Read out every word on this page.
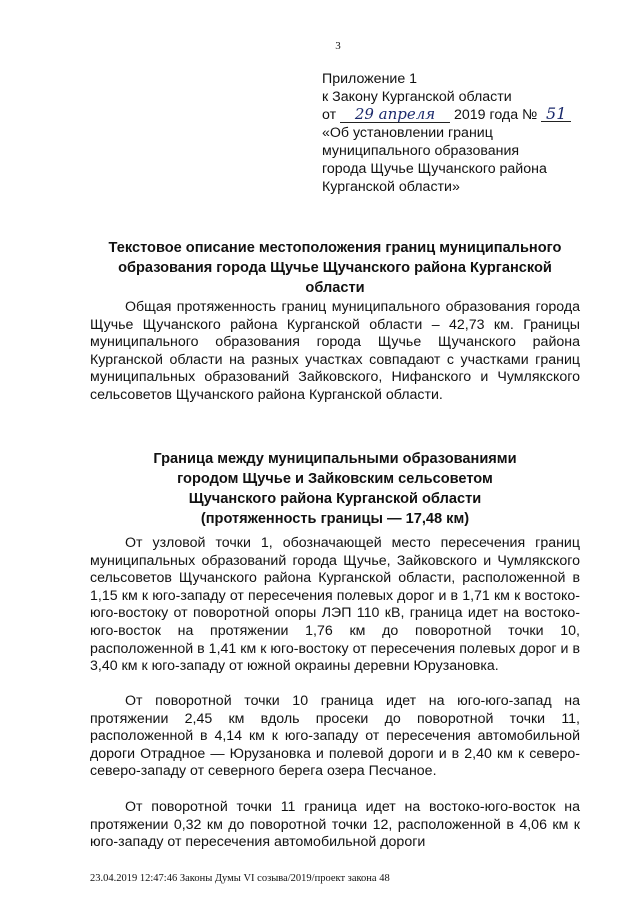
3
Приложение 1
к Закону Курганской области
от 29 апреля 2019 года № 51
«Об установлении границ
муниципального образования
города Щучье Щучанского района
Курганской области»
Текстовое описание местоположения границ муниципального образования города Щучье Щучанского района Курганской области
Общая протяженность границ муниципального образования города Щучье Щучанского района Курганской области – 42,73 км. Границы муниципального образования города Щучье Щучанского района Курганской области на разных участках совпадают с участками границ муниципальных образований Зайковского, Нифанского и Чумлякского сельсоветов Щучанского района Курганской области.
Граница между муниципальными образованиями
городом Щучье и Зайковским сельсоветом
Щучанского района Курганской области
(протяженность границы — 17,48 км)
От узловой точки 1, обозначающей место пересечения границ муниципальных образований города Щучье, Зайковского и Чумлякского сельсоветов Щучанского района Курганской области, расположенной в 1,15 км к юго-западу от пересечения полевых дорог и в 1,71 км к востоко-юго-востоку от поворотной опоры ЛЭП 110 кВ, граница идет на востоко-юго-восток на протяжении 1,76 км до поворотной точки 10, расположенной в 1,41 км к юго-востоку от пересечения полевых дорог и в 3,40 км к юго-западу от южной окраины деревни Юрузановка.
От поворотной точки 10 граница идет на юго-юго-запад на протяжении 2,45 км вдоль просеки до поворотной точки 11, расположенной в 4,14 км к юго-западу от пересечения автомобильной дороги Отрадное — Юрузановка и полевой дороги и в 2,40 км к северо-северо-западу от северного берега озера Песчаное.
От поворотной точки 11 граница идет на востоко-юго-восток на протяжении 0,32 км до поворотной точки 12, расположенной в 4,06 км к юго-западу от пересечения автомобильной дороги
23.04.2019 12:47:46 Законы Думы VI созыва/2019/проект закона 48
